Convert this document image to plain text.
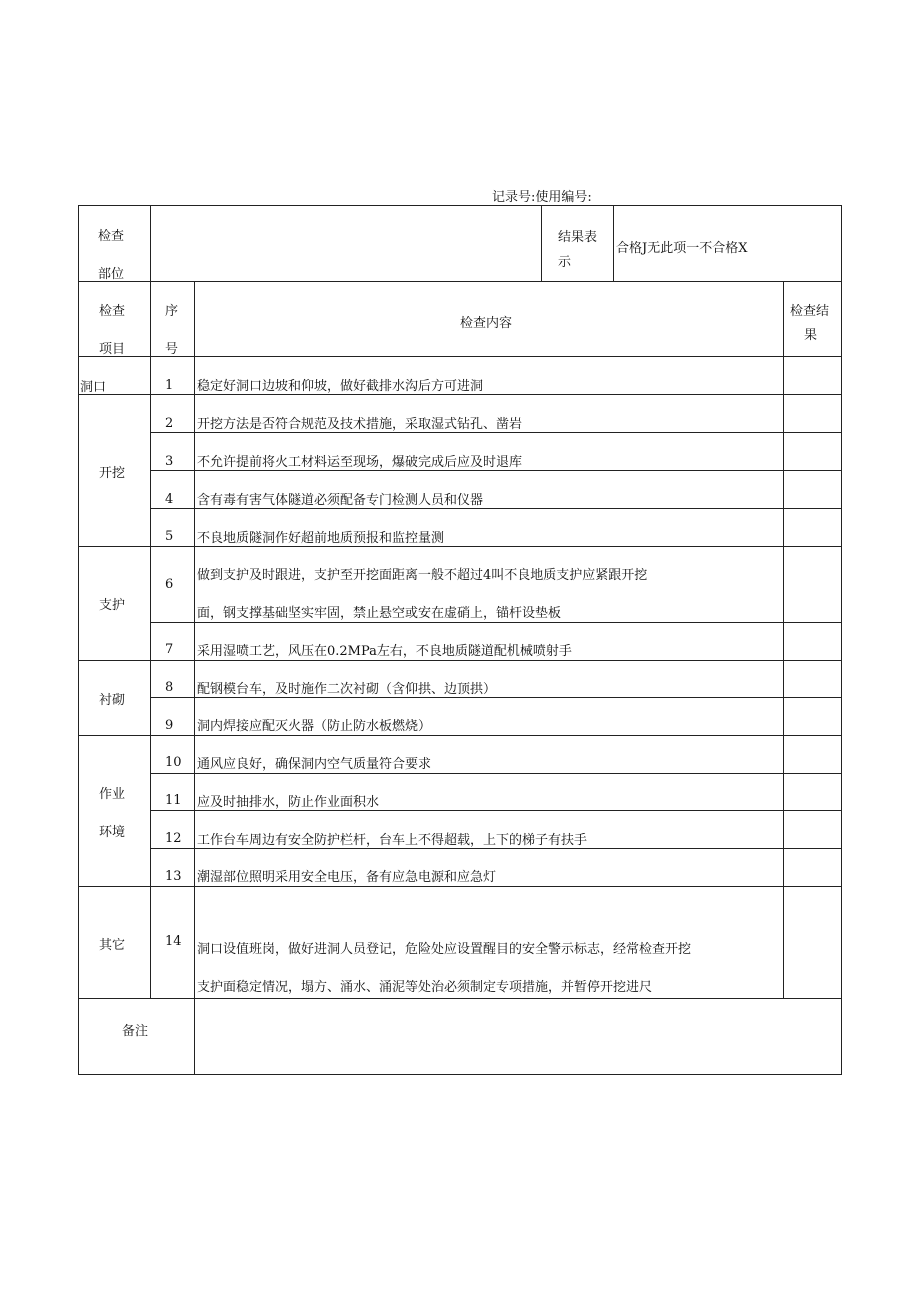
记录号:使用编号:
检查
部位
结果表
示
合格J无此项一不合格X
检查
项目
序
号
检查内容
检查结
果
洞口
开挖
支护
衬砌
作业
环境
其它
1
2
3
4
5
6
7
8
9
10
11
12
13
14
稳定好洞口边坡和仰坡，做好截排水沟后方可进洞
开挖方法是否符合规范及技术措施，采取湿式钻孔、凿岩
不允许提前将火工材料运至现场，爆破完成后应及时退库
含有毒有害气体隧道必须配备专门检测人员和仪器
不良地质隧洞作好超前地质预报和监控量测
做到支护及时跟进，支护至开挖面距离一般不超过4叫不良地质支护应紧跟开挖
面，钢支撑基础坚实牢固，禁止悬空或安在虚硝上，锚杆设垫板
采用湿喷工艺，风压在0.2MPa左右，不良地质隧道配机械喷射手
配钢模台车，及时施作二次衬砌（含仰拱、边顶拱）
洞内焊接应配灭火器（防止防水板燃烧）
通风应良好，确保洞内空气质量符合要求
应及时抽排水，防止作业面积水
工作台车周边有安全防护栏杆，台车上不得超载，上下的梯子有扶手
潮湿部位照明采用安全电压，备有应急电源和应急灯
洞口设值班岗，做好进洞人员登记，危险处应设置醒目的安全警示标志，经常检查开挖
支护面稳定情况，塌方、涌水、涌泥等处治必须制定专项措施，并暂停开挖进尺
备注
